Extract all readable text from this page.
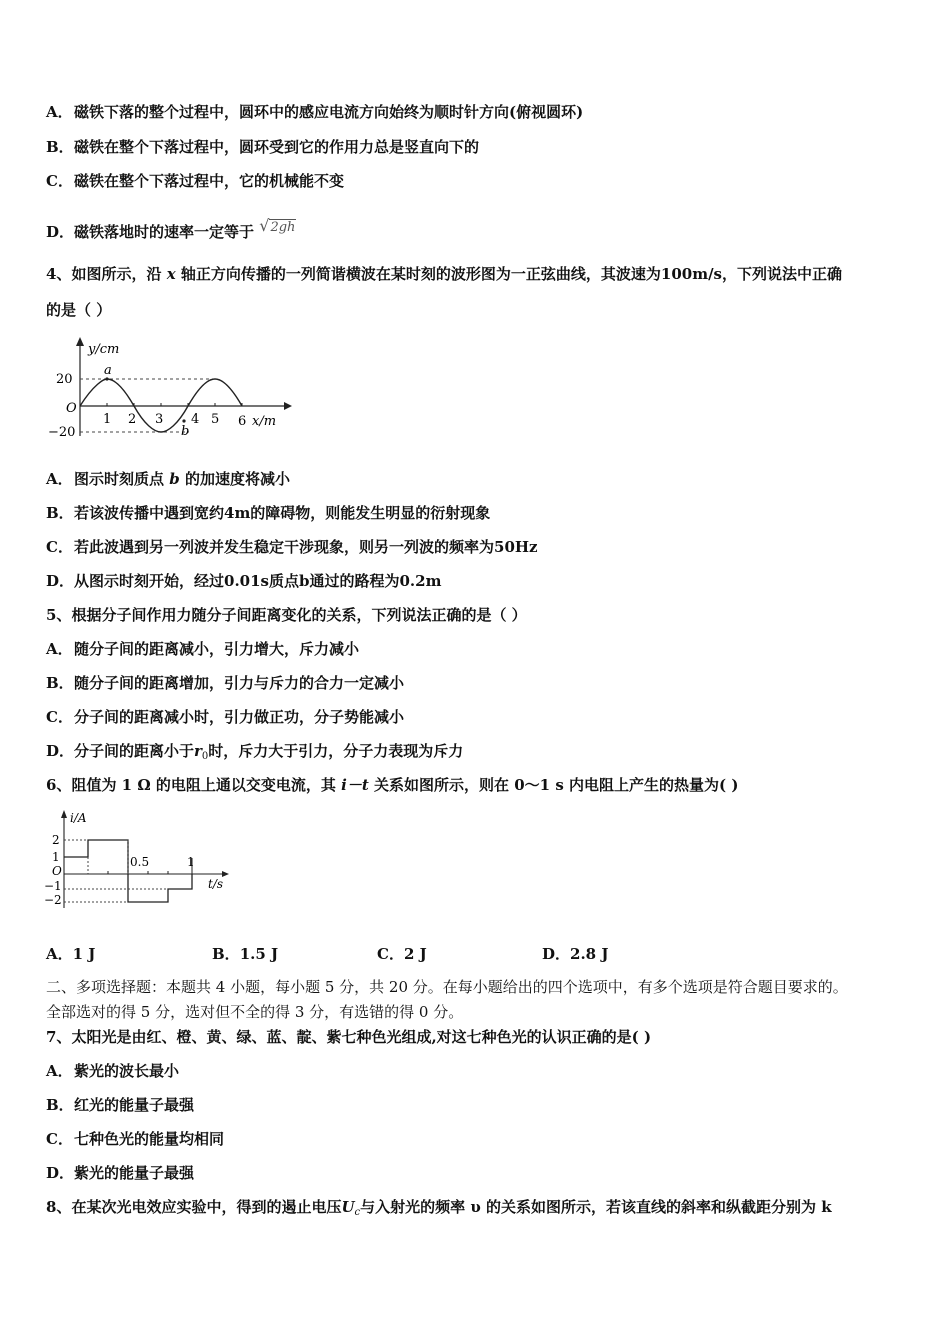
A．磁铁下落的整个过程中，圆环中的感应电流方向始终为顺时针方向(俯视圆环)
B．磁铁在整个下落过程中，圆环受到它的作用力总是竖直向下的
C．磁铁在整个下落过程中，它的机械能不变
D．磁铁落地时的速率一定等于 √2gh
4、如图所示，沿 x 轴正方向传播的一列简谐横波在某时刻的波形图为一正弦曲线，其波速为100m/s，下列说法中正确
的是（ ）
y/cm
20
−20
O
a
b
1 2 3 4 5 6 x/m
A．图示时刻质点 b 的加速度将减小
B．若该波传播中遇到宽约4m的障碍物，则能发生明显的衍射现象
C．若此波遇到另一列波并发生稳定干涉现象，则另一列波的频率为50Hz
D．从图示时刻开始，经过0.01s质点b通过的路程为0.2m
5、根据分子间作用力随分子间距离变化的关系，下列说法正确的是（ ）
A．随分子间的距离减小，引力增大，斥力减小
B．随分子间的距离增加，引力与斥力的合力一定减小
C．分子间的距离减小时，引力做正功，分子势能减小
D．分子间的距离小于$r_0$时，斥力大于引力，分子力表现为斥力
6、阻值为 1 Ω 的电阻上通以交变电流，其 i－t 关系如图所示，则在 0～1 s 内电阻上产生的热量为( )
i/A
2
1
O
−1
−2
0.5	1
t/s
A．1 J	B．1.5 J	C．2 J	D．2.8 J
二、多项选择题：本题共 4 小题，每小题 5 分，共 20 分。在每小题给出的四个选项中，有多个选项是符合题目要求的。
全部选对的得 5 分，选对但不全的得 3 分，有选错的得 0 分。
7、太阳光是由红、橙、黄、绿、蓝、靛、紫七种色光组成,对这七种色光的认识正确的是( )
A．紫光的波长最小
B．红光的能量子最强
C．七种色光的能量均相同
D．紫光的能量子最强
8、在某次光电效应实验中，得到的遏止电压$U_c$与入射光的频率 υ 的关系如图所示，若该直线的斜率和纵截距分别为 k
